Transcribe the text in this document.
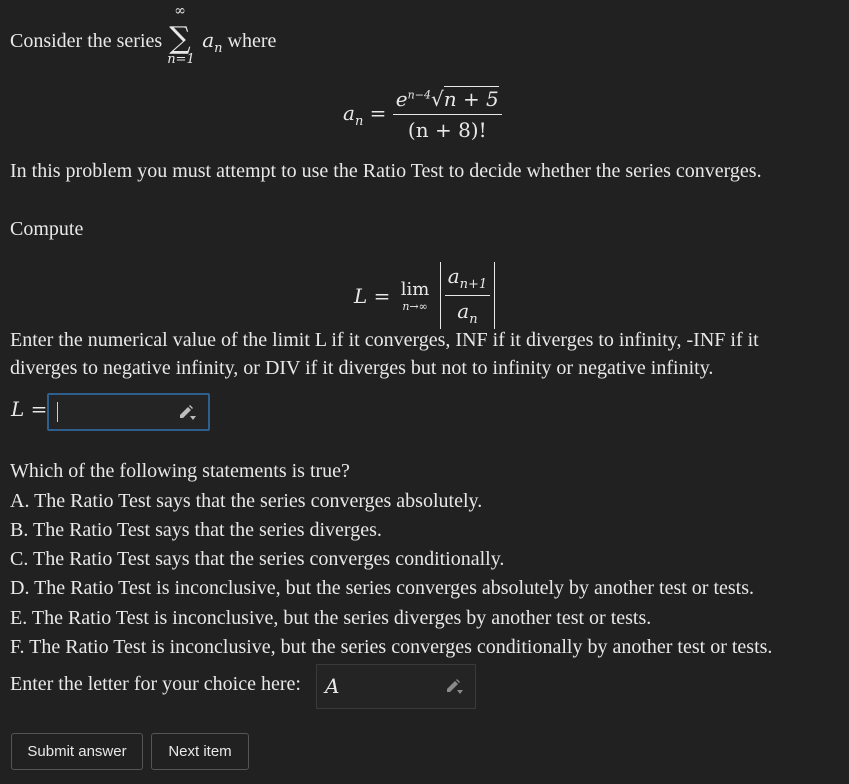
Consider the series
∞
∑
n=1
$a_n$ where
$a_n = \frac{e^{n-4}√n + 5}{(n + 8)!}$
In this problem you must attempt to use the Ratio Test to decide whether the series converges.
Compute
L = lim
n→∞
$\frac{a_{n+1}}{a_n}$
Enter the numerical value of the limit L if it converges, INF if it diverges to infinity, -INF if it
diverges to negative infinity, or DIV if it diverges but not to infinity or negative infinity.
L =
Which of the following statements is true?
A. The Ratio Test says that the series converges absolutely.
B. The Ratio Test says that the series diverges.
C. The Ratio Test says that the series converges conditionally.
D. The Ratio Test is inconclusive, but the series converges absolutely by another test or tests.
E. The Ratio Test is inconclusive, but the series diverges by another test or tests.
F. The Ratio Test is inconclusive, but the series converges conditionally by another test or tests.
Enter the letter for your choice here: A
Submit answer	Next item
